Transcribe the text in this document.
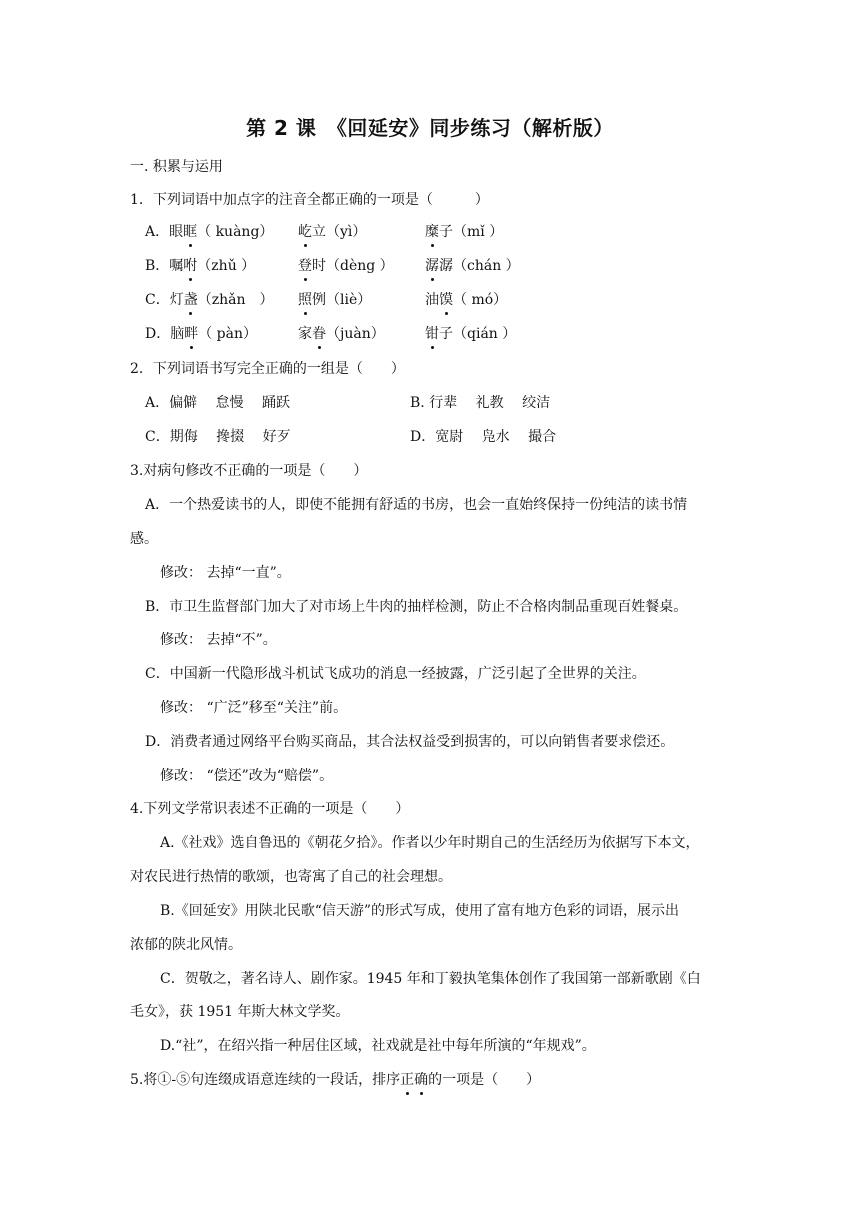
第 2 课　《回延安》同步练习（解析版）
一. 积累与运用
1．下列词语中加点字的注音全都正确的一项是（　　　）
A．眼眶（ kuàng） 屹立（yì）	糜子（mǐ ）
B．嘱咐（zhǔ ）	登时（dèng ） 潺潺（chán ）
C．灯盏（zhǎn　） 照例（liè）	油馍（ mó）
D．脑畔（ pàn）	家眷（juàn）	钳子（qián ）
2．下列词语书写完全正确的一组是（　　）
A．偏僻　 怠慢　 踊跃	B. 行辈　 礼教　 绞洁
C．期侮　 搀掇　 好歹	D．宽尉　 凫水　 撮合
3.对病句修改不正确的一项是（　　）
A．一个热爱读书的人，即使不能拥有舒适的书房，也会一直始终保持一份纯洁的读书情
感。
修改： 去掉“一直”。
B．市卫生监督部门加大了对市场上牛肉的抽样检测，防止不合格肉制品重现百姓餐桌。
修改： 去掉“不”。
C．中国新一代隐形战斗机试飞成功的消息一经披露，广泛引起了全世界的关注。
修改： “广泛”移至“关注”前。
D．消费者通过网络平台购买商品，其合法权益受到损害的，可以向销售者要求偿还。
修改： “偿还”改为“赔偿”。
4.下列文学常识表述不正确的一项是（　　）
A.《社戏》选自鲁迅的《朝花夕拾》。作者以少年时期自己的生活经历为依据写下本文，
对农民进行热情的歌颂，也寄寓了自己的社会理想。
B.《回延安》用陕北民歌“信天游”的形式写成，使用了富有地方色彩的词语，展示出
浓郁的陕北风情。
C．贺敬之，著名诗人、剧作家。1945 年和丁毅执笔集体创作了我国第一部新歌剧《白
毛女》，获 1951 年斯大林文学奖。
D.“社”，在绍兴指一种居住区域，社戏就是社中每年所演的“年规戏”。
5.将①-⑤句连缀成语意连续的一段话，排序正确的一项是（　　）
